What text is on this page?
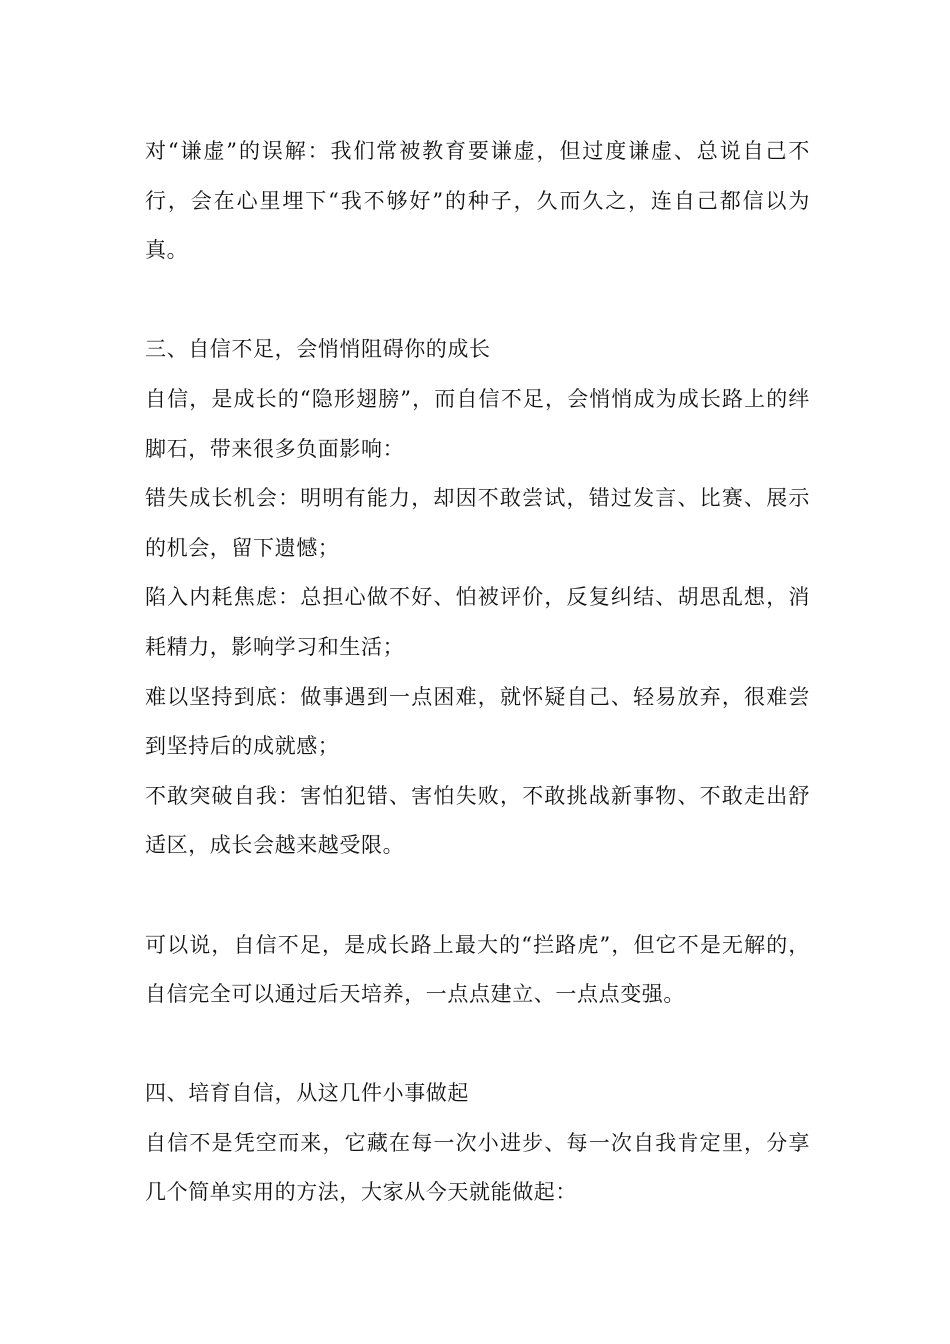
对“谦虚”的误解：我们常被教育要谦虚，但过度谦虚、总说自己不行，会在心里埋下“我不够好”的种子，久而久之，连自己都信以为真。

三、自信不足，会悄悄阻碍你的成长

自信，是成长的“隐形翅膀”，而自信不足，会悄悄成为成长路上的绊脚石，带来很多负面影响：

错失成长机会：明明有能力，却因不敢尝试，错过发言、比赛、展示的机会，留下遗憾；

陷入内耗焦虑：总担心做不好、怕被评价，反复纠结、胡思乱想，消耗精力，影响学习和生活；

难以坚持到底：做事遇到一点困难，就怀疑自己、轻易放弃，很难尝到坚持后的成就感；

不敢突破自我：害怕犯错、害怕失败，不敢挑战新事物、不敢走出舒适区，成长会越来越受限。

可以说，自信不足，是成长路上最大的“拦路虎”，但它不是无解的，自信完全可以通过后天培养，一点点建立、一点点变强。

四、培育自信，从这几件小事做起

自信不是凭空而来，它藏在每一次小进步、每一次自我肯定里，分享几个简单实用的方法，大家从今天就能做起：
